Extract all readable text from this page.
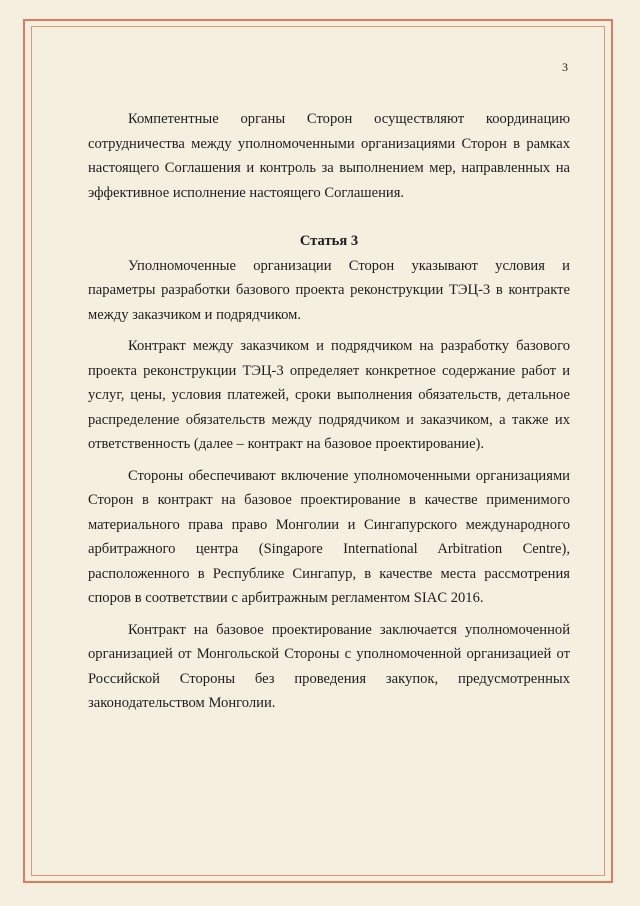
3

Компетентные органы Сторон осуществляют координацию сотрудничества между уполномоченными организациями Сторон в рамках настоящего Соглашения и контроль за выполнением мер, направленных на эффективное исполнение настоящего Соглашения.

Статья 3

Уполномоченные организации Сторон указывают условия и параметры разработки базового проекта реконструкции ТЭЦ-3 в контракте между заказчиком и подрядчиком.

Контракт между заказчиком и подрядчиком на разработку базового проекта реконструкции ТЭЦ-3 определяет конкретное содержание работ и услуг, цены, условия платежей, сроки выполнения обязательств, детальное распределение обязательств между подрядчиком и заказчиком, а также их ответственность (далее – контракт на базовое проектирование).

Стороны обеспечивают включение уполномоченными организациями Сторон в контракт на базовое проектирование в качестве применимого материального права право Монголии и Сингапурского международного арбитражного центра (Singapore International Arbitration Centre), расположенного в Республике Сингапур, в качестве места рассмотрения споров в соответствии с арбитражным регламентом SIAC 2016.

Контракт на базовое проектирование заключается уполномоченной организацией от Монгольской Стороны с уполномоченной организацией от Российской Стороны без проведения закупок, предусмотренных законодательством Монголии.
